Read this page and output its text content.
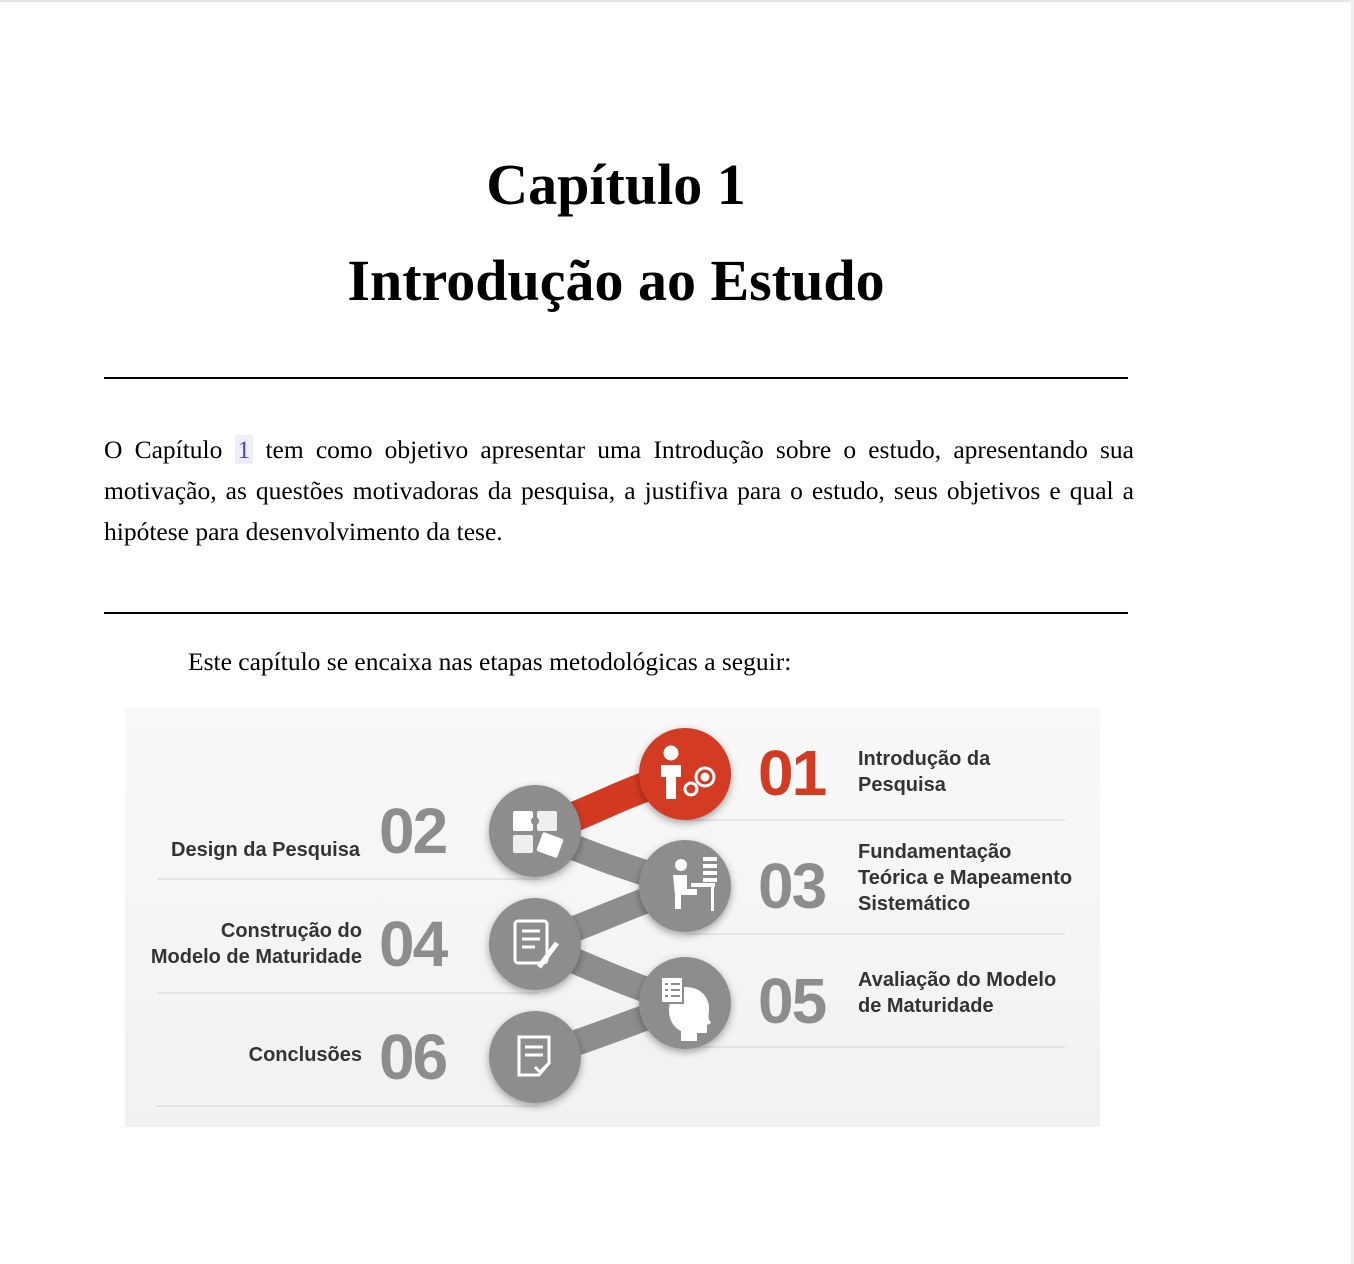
Capítulo 1
Introdução ao Estudo

O Capítulo 1 tem como objetivo apresentar uma Introdução sobre o estudo, apresentando sua motivação, as questões motivadoras da pesquisa, a justifiva para o estudo, seus objetivos e qual a hipótese para desenvolvimento da tese.

Este capítulo se encaixa nas etapas metodológicas a seguir:
01
02
03
04
05
06
Introdução da
Pesquisa
Fundamentação
Teórica e Mapeamento
Sistemático
Avaliação do Modelo
de Maturidade
Design da Pesquisa
Construção do
Modelo de Maturidade
Conclusões
